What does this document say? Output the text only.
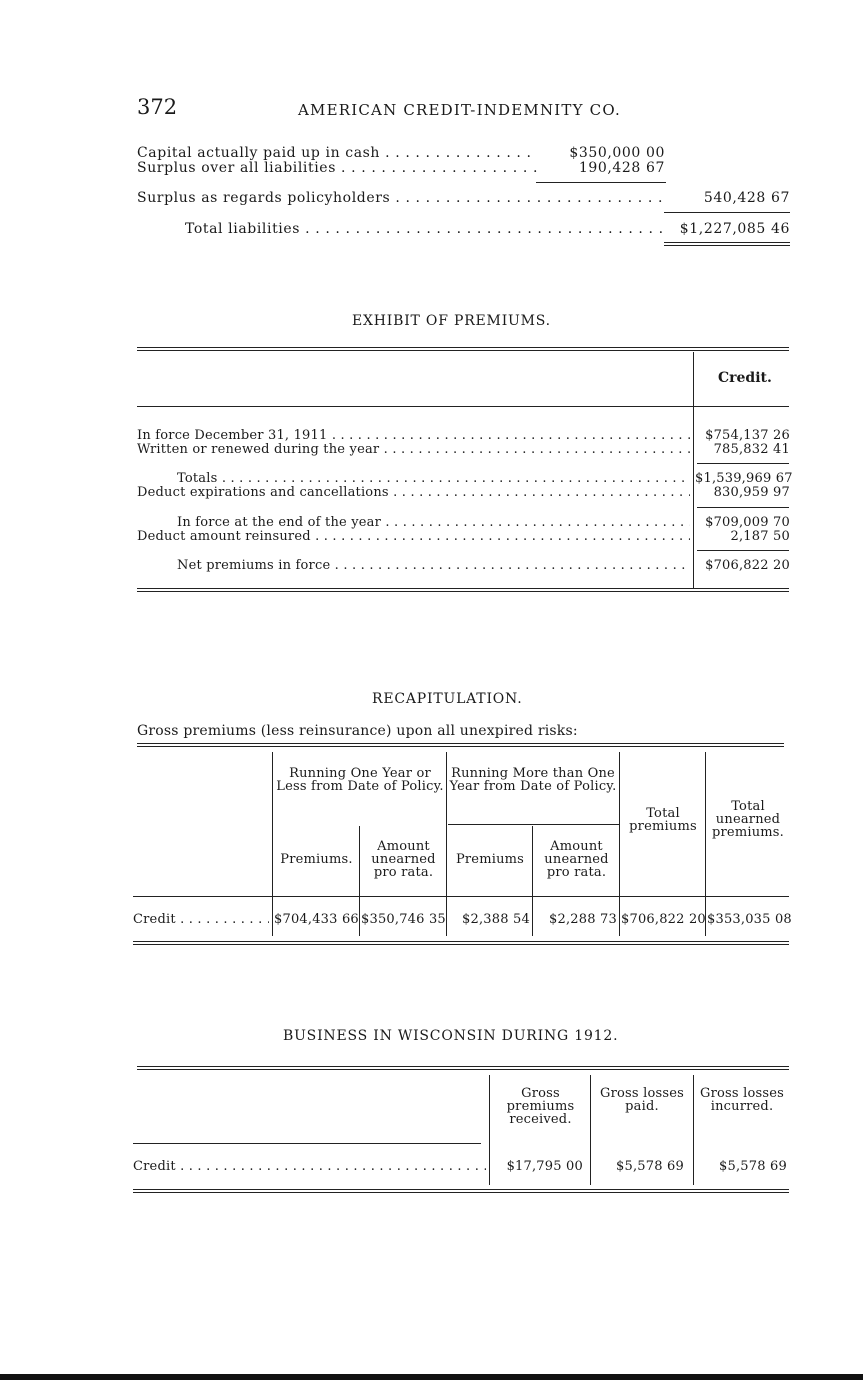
372	AMERICAN CREDIT-INDEMNITY CO.
Capital actually paid up in cash . . .	$350,000 00
Surplus over all liabilities . . .	190,428 67
Surplus as regards policyholders . . .	540,428 67
Total liabilities . . .	$1,227,085 46
EXHIBIT OF PREMIUMS.
Credit.
In force December 31, 1911 . . .	$754,137 26
Written or renewed during the year . . .	785,832 41
Totals . . .	$1,539,969 67
Deduct expirations and cancellations . . .	830,959 97
In force at the end of the year . . .	$709,009 70
Deduct amount reinsured . . .	2,187 50
Net premiums in force . . .	$706,822 20
RECAPITULATION.
Gross premiums (less reinsurance) upon all unexpired risks:
Running One Year or Less from Date of Policy.
Running More than One Year from Date of Policy.
Premiums.
Amount unearned pro rata.
Premiums
Amount unearned pro rata.
Total premiums
Total unearned premiums.
Credit . . .	$704,433 66 $350,746 35	$2,388 54	$2,288 73 $706,822 20 $353,035 08
BUSINESS IN WISCONSIN DURING 1912.
Gross premiums received.
Gross losses paid.
Gross losses incurred.
Credit . . .	$17,795 00	$5,578 69	$5,578 69
